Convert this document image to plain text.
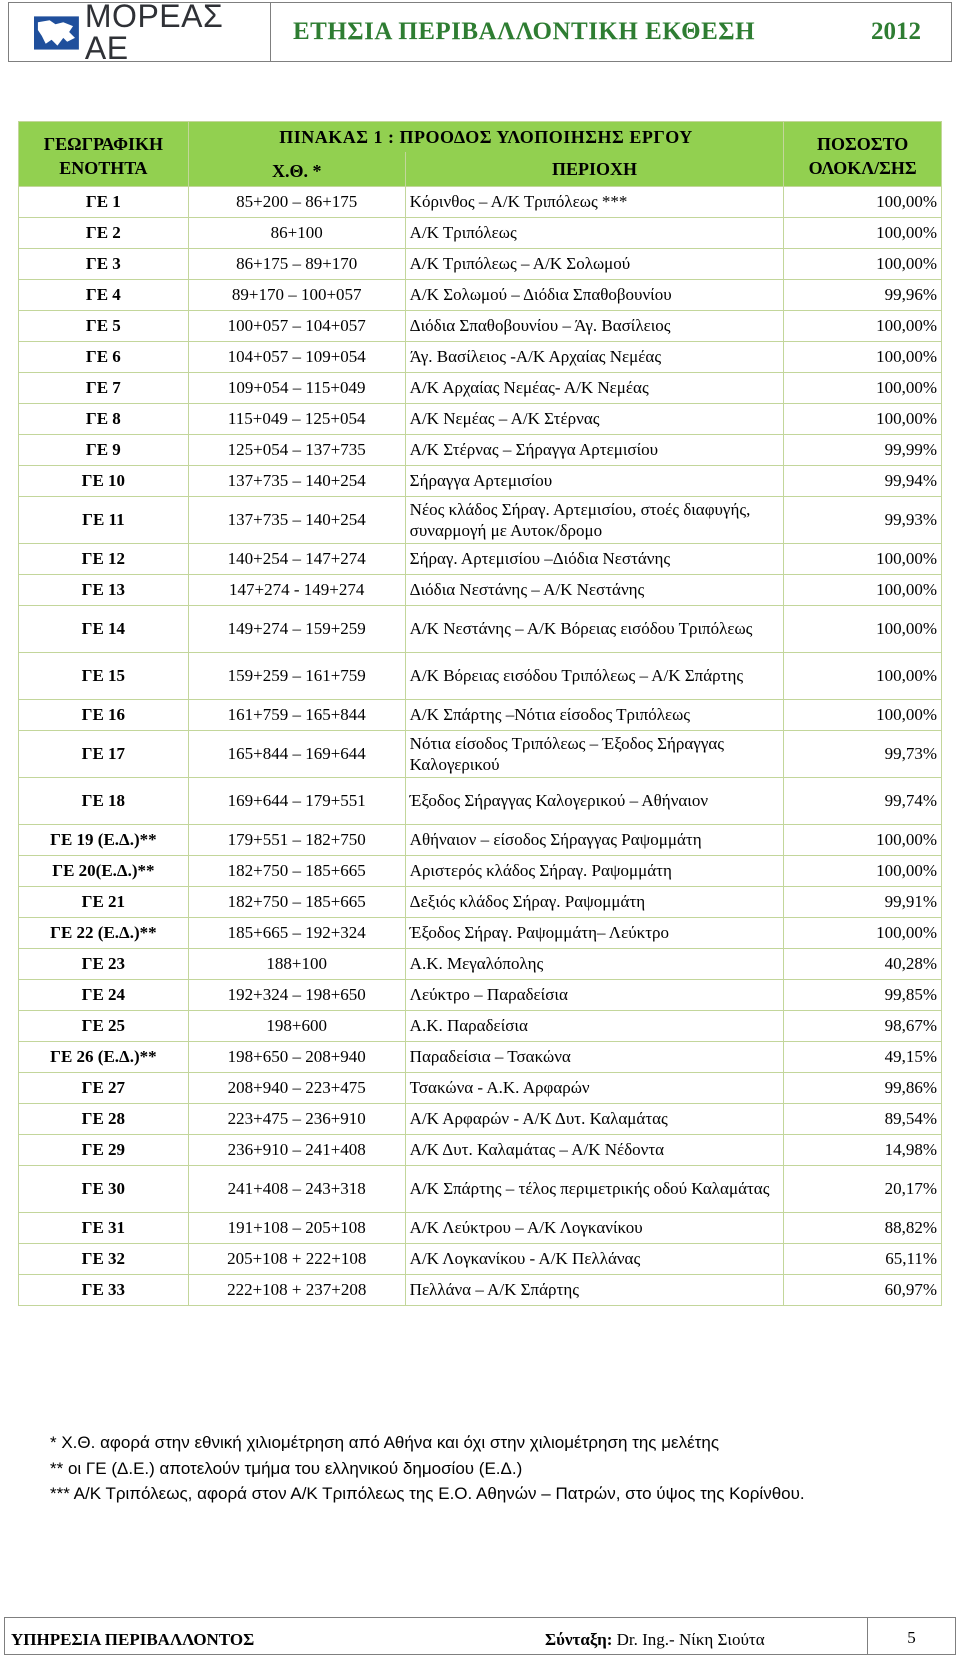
ΜΟΡΕΑΣ ΑΕ	ΕΤΗΣΙΑ ΠΕΡΙΒΑΛΛΟΝΤΙΚΗ ΕΚΘΕΣΗ	2012
ΓΕΩΓΡΑΦΙΚΗ ΕΝΟΤΗΤΑ	ΠΙΝΑΚΑΣ 1 : ΠΡΟΟΔΟΣ ΥΛΟΠΟΙΗΣΗΣ ΕΡΓΟΥ		ΠΟΣΟΣΤΟ ΟΛΟΚΛ/ΣΗΣ
	Χ.Θ. *	ΠΕΡΙΟΧΗ	
ΓΕ 1	85+200 – 86+175	Κόρινθος – Α/Κ Τριπόλεως ***	100,00%
ΓΕ 2	86+100	Α/Κ Τριπόλεως	100,00%
ΓΕ 3	86+175 – 89+170	Α/Κ Τριπόλεως – Α/Κ Σολωμού	100,00%
ΓΕ 4	89+170 – 100+057	Α/Κ Σολωμού – Διόδια Σπαθοβουνίου	99,96%
ΓΕ 5	100+057 – 104+057	Διόδια Σπαθοβουνίου – Άγ. Βασίλειος	100,00%
ΓΕ 6	104+057 – 109+054	Άγ. Βασίλειος -Α/Κ Αρχαίας Νεμέας	100,00%
ΓΕ 7	109+054 – 115+049	Α/Κ Αρχαίας Νεμέας- Α/Κ Νεμέας	100,00%
ΓΕ 8	115+049 – 125+054	Α/Κ Νεμέας – Α/Κ Στέρνας	100,00%
ΓΕ 9	125+054 – 137+735	Α/Κ Στέρνας – Σήραγγα Αρτεμισίου	99,99%
ΓΕ 10	137+735 – 140+254	Σήραγγα Αρτεμισίου	99,94%
ΓΕ 11	137+735 – 140+254	Νέος κλάδος Σήραγ. Αρτεμισίου, στοές διαφυγής, συναρμογή με Αυτοκ/δρομο	99,93%
ΓΕ 12	140+254 – 147+274	Σήραγ. Αρτεμισίου –Διόδια Νεστάνης	100,00%
ΓΕ 13	147+274 - 149+274	Διόδια Νεστάνης – Α/Κ Νεστάνης	100,00%
ΓΕ 14	149+274 – 159+259	Α/Κ Νεστάνης – Α/Κ Βόρειας εισόδου Τριπόλεως	100,00%
ΓΕ 15	159+259 – 161+759	Α/Κ Βόρειας εισόδου Τριπόλεως – Α/Κ Σπάρτης	100,00%
ΓΕ 16	161+759 – 165+844	Α/Κ Σπάρτης –Νότια είσοδος Τριπόλεως	100,00%
ΓΕ 17	165+844 – 169+644	Νότια είσοδος Τριπόλεως – Έξοδος Σήραγγας Καλογερικού	99,73%
ΓΕ 18	169+644 – 179+551	Έξοδος Σήραγγας Καλογερικού – Αθήναιον	99,74%
ΓΕ 19 (Ε.Δ.)**	179+551 – 182+750	Αθήναιον – είσοδος Σήραγγας Ραψομμάτη	100,00%
ΓΕ 20(Ε.Δ.)**	182+750 – 185+665	Αριστερός κλάδος Σήραγ. Ραψομμάτη	100,00%
ΓΕ 21	182+750 – 185+665	Δεξιός κλάδος Σήραγ. Ραψομμάτη	99,91%
ΓΕ 22 (Ε.Δ.)**	185+665 – 192+324	Έξοδος Σήραγ. Ραψομμάτη– Λεύκτρο	100,00%
ΓΕ 23	188+100	Α.Κ. Μεγαλόπολης	40,28%
ΓΕ 24	192+324 – 198+650	Λεύκτρο – Παραδείσια	99,85%
ΓΕ 25	198+600	Α.Κ. Παραδείσια	98,67%
ΓΕ 26 (Ε.Δ.)**	198+650 – 208+940	Παραδείσια – Τσακώνα	49,15%
ΓΕ 27	208+940 – 223+475	Τσακώνα - Α.Κ. Αρφαρών	99,86%
ΓΕ 28	223+475 – 236+910	Α/Κ Αρφαρών - Α/Κ Δυτ. Καλαμάτας	89,54%
ΓΕ 29	236+910 – 241+408	Α/Κ Δυτ. Καλαμάτας – Α/Κ Νέδοντα	14,98%
ΓΕ 30	241+408 – 243+318	Α/Κ Σπάρτης – τέλος περιμετρικής οδού Καλαμάτας	20,17%
ΓΕ 31	191+108 – 205+108	Α/Κ Λεύκτρου – Α/Κ Λογκανίκου	88,82%
ΓΕ 32	205+108 + 222+108	Α/Κ Λογκανίκου - Α/Κ Πελλάνας	65,11%
ΓΕ 33	222+108 + 237+208	Πελλάνα – Α/Κ Σπάρτης	60,97%

* Χ.Θ. αφορά στην εθνική χιλιομέτρηση από Αθήνα και όχι στην χιλιομέτρηση της μελέτης

** οι ΓΕ (Δ.Ε.) αποτελούν τμήμα του ελληνικού δημοσίου (Ε.Δ.)

*** Α/Κ Τριπόλεως, αφορά στον Α/Κ Τριπόλεως της Ε.Ο. Αθηνών – Πατρών, στο ύψος της Κορίνθου.

ΥΠΗΡΕΣΙΑ ΠΕΡΙΒΑΛΛΟΝΤΟΣ	Σύνταξη: Dr. Ing.- Νίκη Σιούτα	5
